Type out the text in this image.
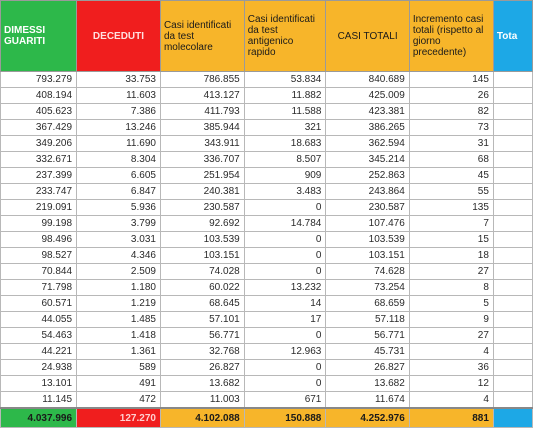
DIMESSI GUARITI	DECEDUTI	Casi identificati da test molecolare	Casi identificati da test antigenico rapido	CASI TOTALI	Incremento casi totali (rispetto al giorno precedente)	Tota
793.279	33.753	786.855	53.834	840.689	145	
408.194	11.603	413.127	11.882	425.009	26	
405.623	7.386	411.793	11.588	423.381	82	
367.429	13.246	385.944	321	386.265	73	
349.206	11.690	343.911	18.683	362.594	31	
332.671	8.304	336.707	8.507	345.214	68	
237.399	6.605	251.954	909	252.863	45	
233.747	6.847	240.381	3.483	243.864	55	
219.091	5.936	230.587	0	230.587	135	
99.198	3.799	92.692	14.784	107.476	7	
98.496	3.031	103.539	0	103.539	15	
98.527	4.346	103.151	0	103.151	18	
70.844	2.509	74.028	0	74.628	27	
71.798	1.180	60.022	13.232	73.254	8	
60.571	1.219	68.645	14	68.659	5	
44.055	1.485	57.101	17	57.118	9	
54.463	1.418	56.771	0	56.771	27	
44.221	1.361	32.768	12.963	45.731	4	
24.938	589	26.827	0	26.827	36	
13.101	491	13.682	0	13.682	12	
11.145	472	11.003	671	11.674	4	
4.037.996	127.270	4.102.088	150.888	4.252.976	881	
